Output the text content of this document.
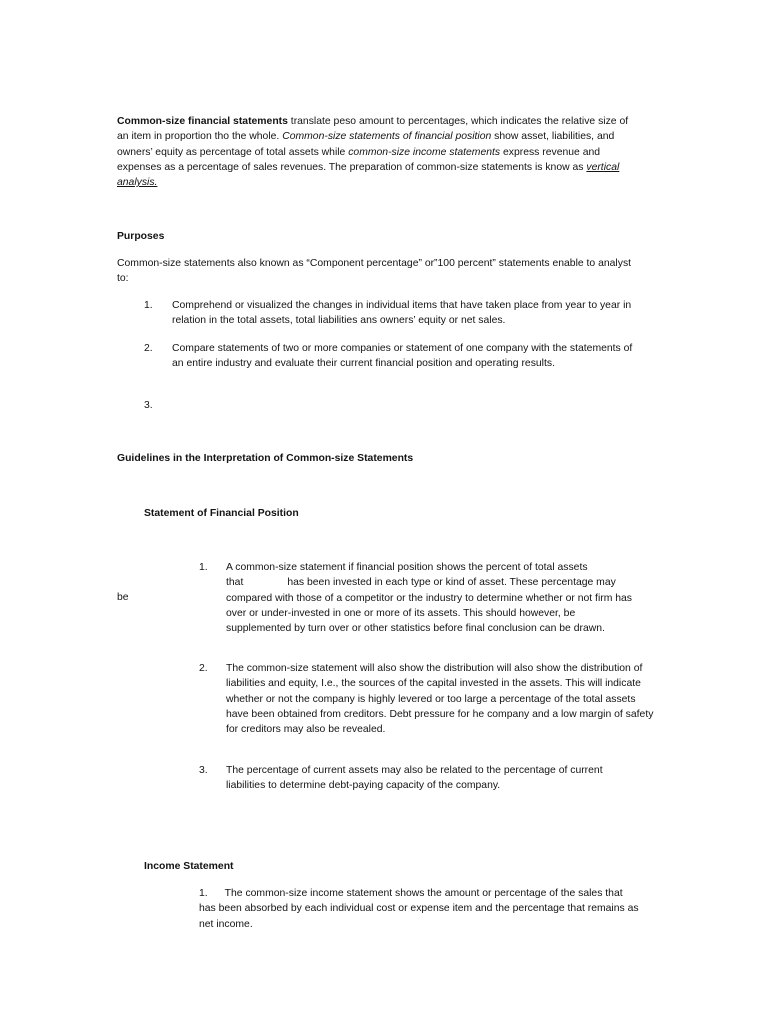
Common-size financial statements translate peso amount to percentages, which indicates the relative size of an item in proportion tho the whole. Common-size statements of financial position show asset, liabilities, and owners’ equity as percentage of total assets while common-size income statements express revenue and expenses as a percentage of sales revenues. The preparation of common-size statements is know as vertical analysis.

Purposes

Common-size statements also known as “Component percentage” or”100 percent” statements enable to analyst to:

1. Comprehend or visualized the changes in individual items that have taken place from year to year in relation in the total assets, total liabilities ans owners’ equity or net sales.
2. Compare statements of two or more companies or statement of one company with the statements of an entire industry and evaluate their current financial position and operating results.
3.

Guidelines in the Interpretation of Common-size Statements

Statement of Financial Position

be
1. A common-size statement if financial position shows the percent of total assets
that	has been invested in each type or kind of asset. These percentage may
compared with those of a competitor or the industry to determine whether or not firm has over or under-invested in one or more of its assets. This should however, be supplemented by turn over or other statistics before final conclusion can be drawn.
2. The common-size statement will also show the distribution will also show the distribution of liabilities and equity, I.e., the sources of the capital invested in the assets. This will indicate whether or not the company is highly levered or too large a percentage of the total assets have been obtained from creditors. Debt pressure for he company and a low margin of safety for creditors may also be revealed.
3. The percentage of current assets may also be related to the percentage of current liabilities to determine debt-paying capacity of the company.

Income Statement

1. The common-size income statement shows the amount or percentage of the sales that has been absorbed by each individual cost or expense item and the percentage that remains as net income.
